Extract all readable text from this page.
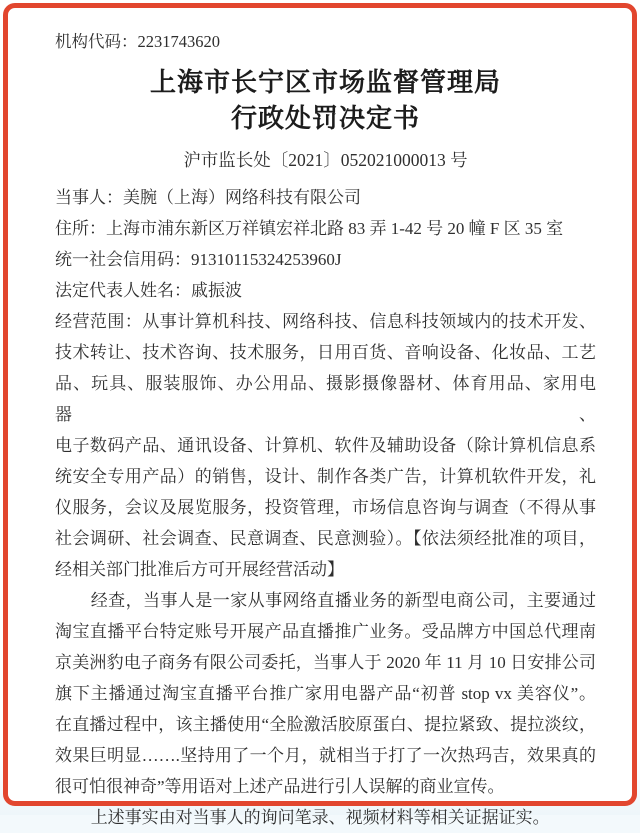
机构代码：2231743620
上海市长宁区市场监督管理局
行政处罚决定书
沪市监长处〔2021〕052021000013 号
当事人：美腕（上海）网络科技有限公司
住所：上海市浦东新区万祥镇宏祥北路 83 弄 1-42 号 20 幢 F 区 35 室
统一社会信用码：91310115324253960J
法定代表人姓名：戚振波
经营范围：从事计算机科技、网络科技、信息科技领域内的技术开发、
技术转让、技术咨询、技术服务，日用百货、音响设备、化妆品、工艺
品、玩具、服装服饰、办公用品、摄影摄像器材、体育用品、家用电器、
电子数码产品、通讯设备、计算机、软件及辅助设备（除计算机信息系
统安全专用产品）的销售，设计、制作各类广告，计算机软件开发，礼
仪服务，会议及展览服务，投资管理，市场信息咨询与调查（不得从事
社会调研、社会调查、民意调查、民意测验）。【依法须经批准的项目，
经相关部门批准后方可开展经营活动】
经查，当事人是一家从事网络直播业务的新型电商公司，主要通过
淘宝直播平台特定账号开展产品直播推广业务。受品牌方中国总代理南
京美洲豹电子商务有限公司委托，当事人于 2020 年 11 月 10 日安排公司
旗下主播通过淘宝直播平台推广家用电器产品“初普 stop vx 美容仪”。
在直播过程中，该主播使用“全脸激活胶原蛋白、提拉紧致、提拉淡纹，
效果巨明显…….坚持用了一个月，就相当于打了一次热玛吉，效果真的
很可怕很神奇”等用语对上述产品进行引人误解的商业宣传。
上述事实由对当事人的询问笔录、视频材料等相关证据证实。
